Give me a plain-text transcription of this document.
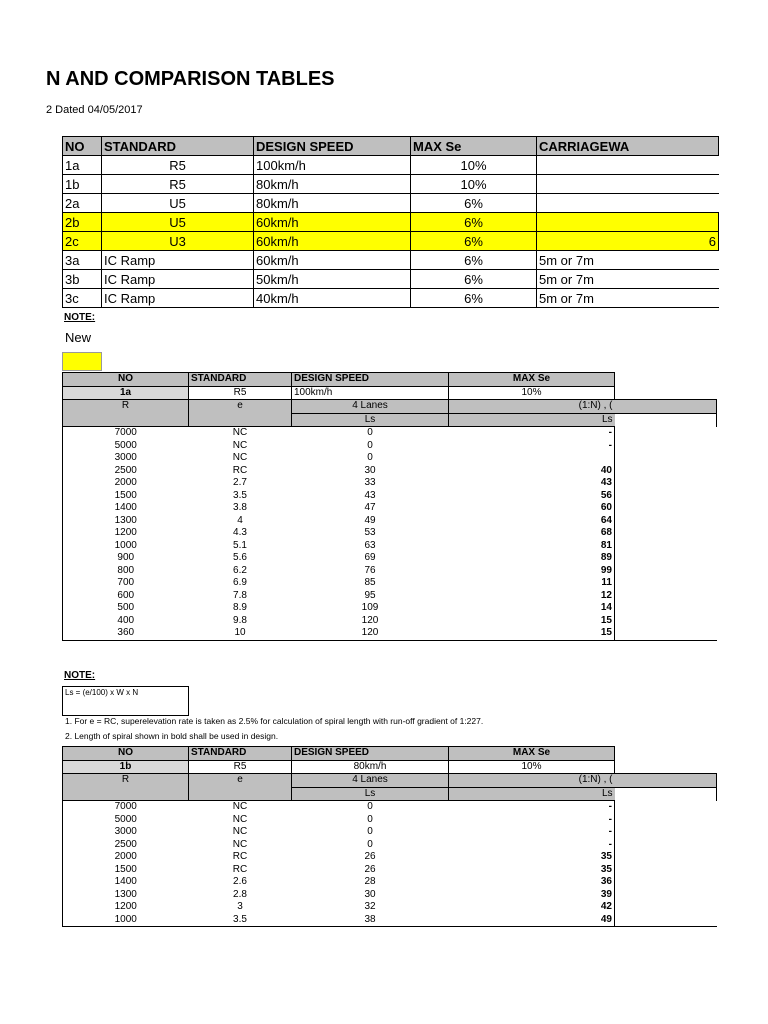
N AND COMPARISON TABLES
2 Dated 04/05/2017
NO	STANDARD	DESIGN SPEED	MAX Se	CARRIAGEWA
1a	R5	100km/h	10%	
1b	R5	80km/h	10%	
2a	U5	80km/h	6%	
2b	U5	60km/h	6%	
2c	U3	60km/h	6%	6
3a	IC Ramp	60km/h	6%	5m or 7m
3b	IC Ramp	50km/h	6%	5m or 7m
3c	IC Ramp	40km/h	6%	5m or 7m
NOTE:
New
NO	STANDARD	DESIGN SPEED	MAX Se	
1a	R5	100km/h	10%	
R	e	4 Lanes	(1:N) , (	
		Ls	Ls	
7000	NC	0	-	
5000	NC	0	-	
3000	NC	0		
2500	RC	30	40	
2000	2.7	33	43	
1500	3.5	43	56	
1400	3.8	47	60	
1300	4	49	64	
1200	4.3	53	68	
1000	5.1	63	81	
900	5.6	69	89	
800	6.2	76	99	
700	6.9	85	11	
600	7.8	95	12	
500	8.9	109	14	
400	9.8	120	15	
360	10	120	15	
NOTE:
Ls = (e/100) x W x N
1. For e = RC, superelevation rate is taken as 2.5% for calculation of spiral length with run-off gradient of 1:227.
2. Length of spiral shown in bold shall be used in design.
NO	STANDARD	DESIGN SPEED	MAX Se	
1b	R5	80km/h	10%	
R	e	4 Lanes	(1:N) , (	
		Ls	Ls	
7000	NC	0	-	
5000	NC	0	-	
3000	NC	0	-	
2500	NC	0	-	
2000	RC	26	35	
1500	RC	26	35	
1400	2.6	28	36	
1300	2.8	30	39	
1200	3	32	42	
1000	3.5	38	49	
